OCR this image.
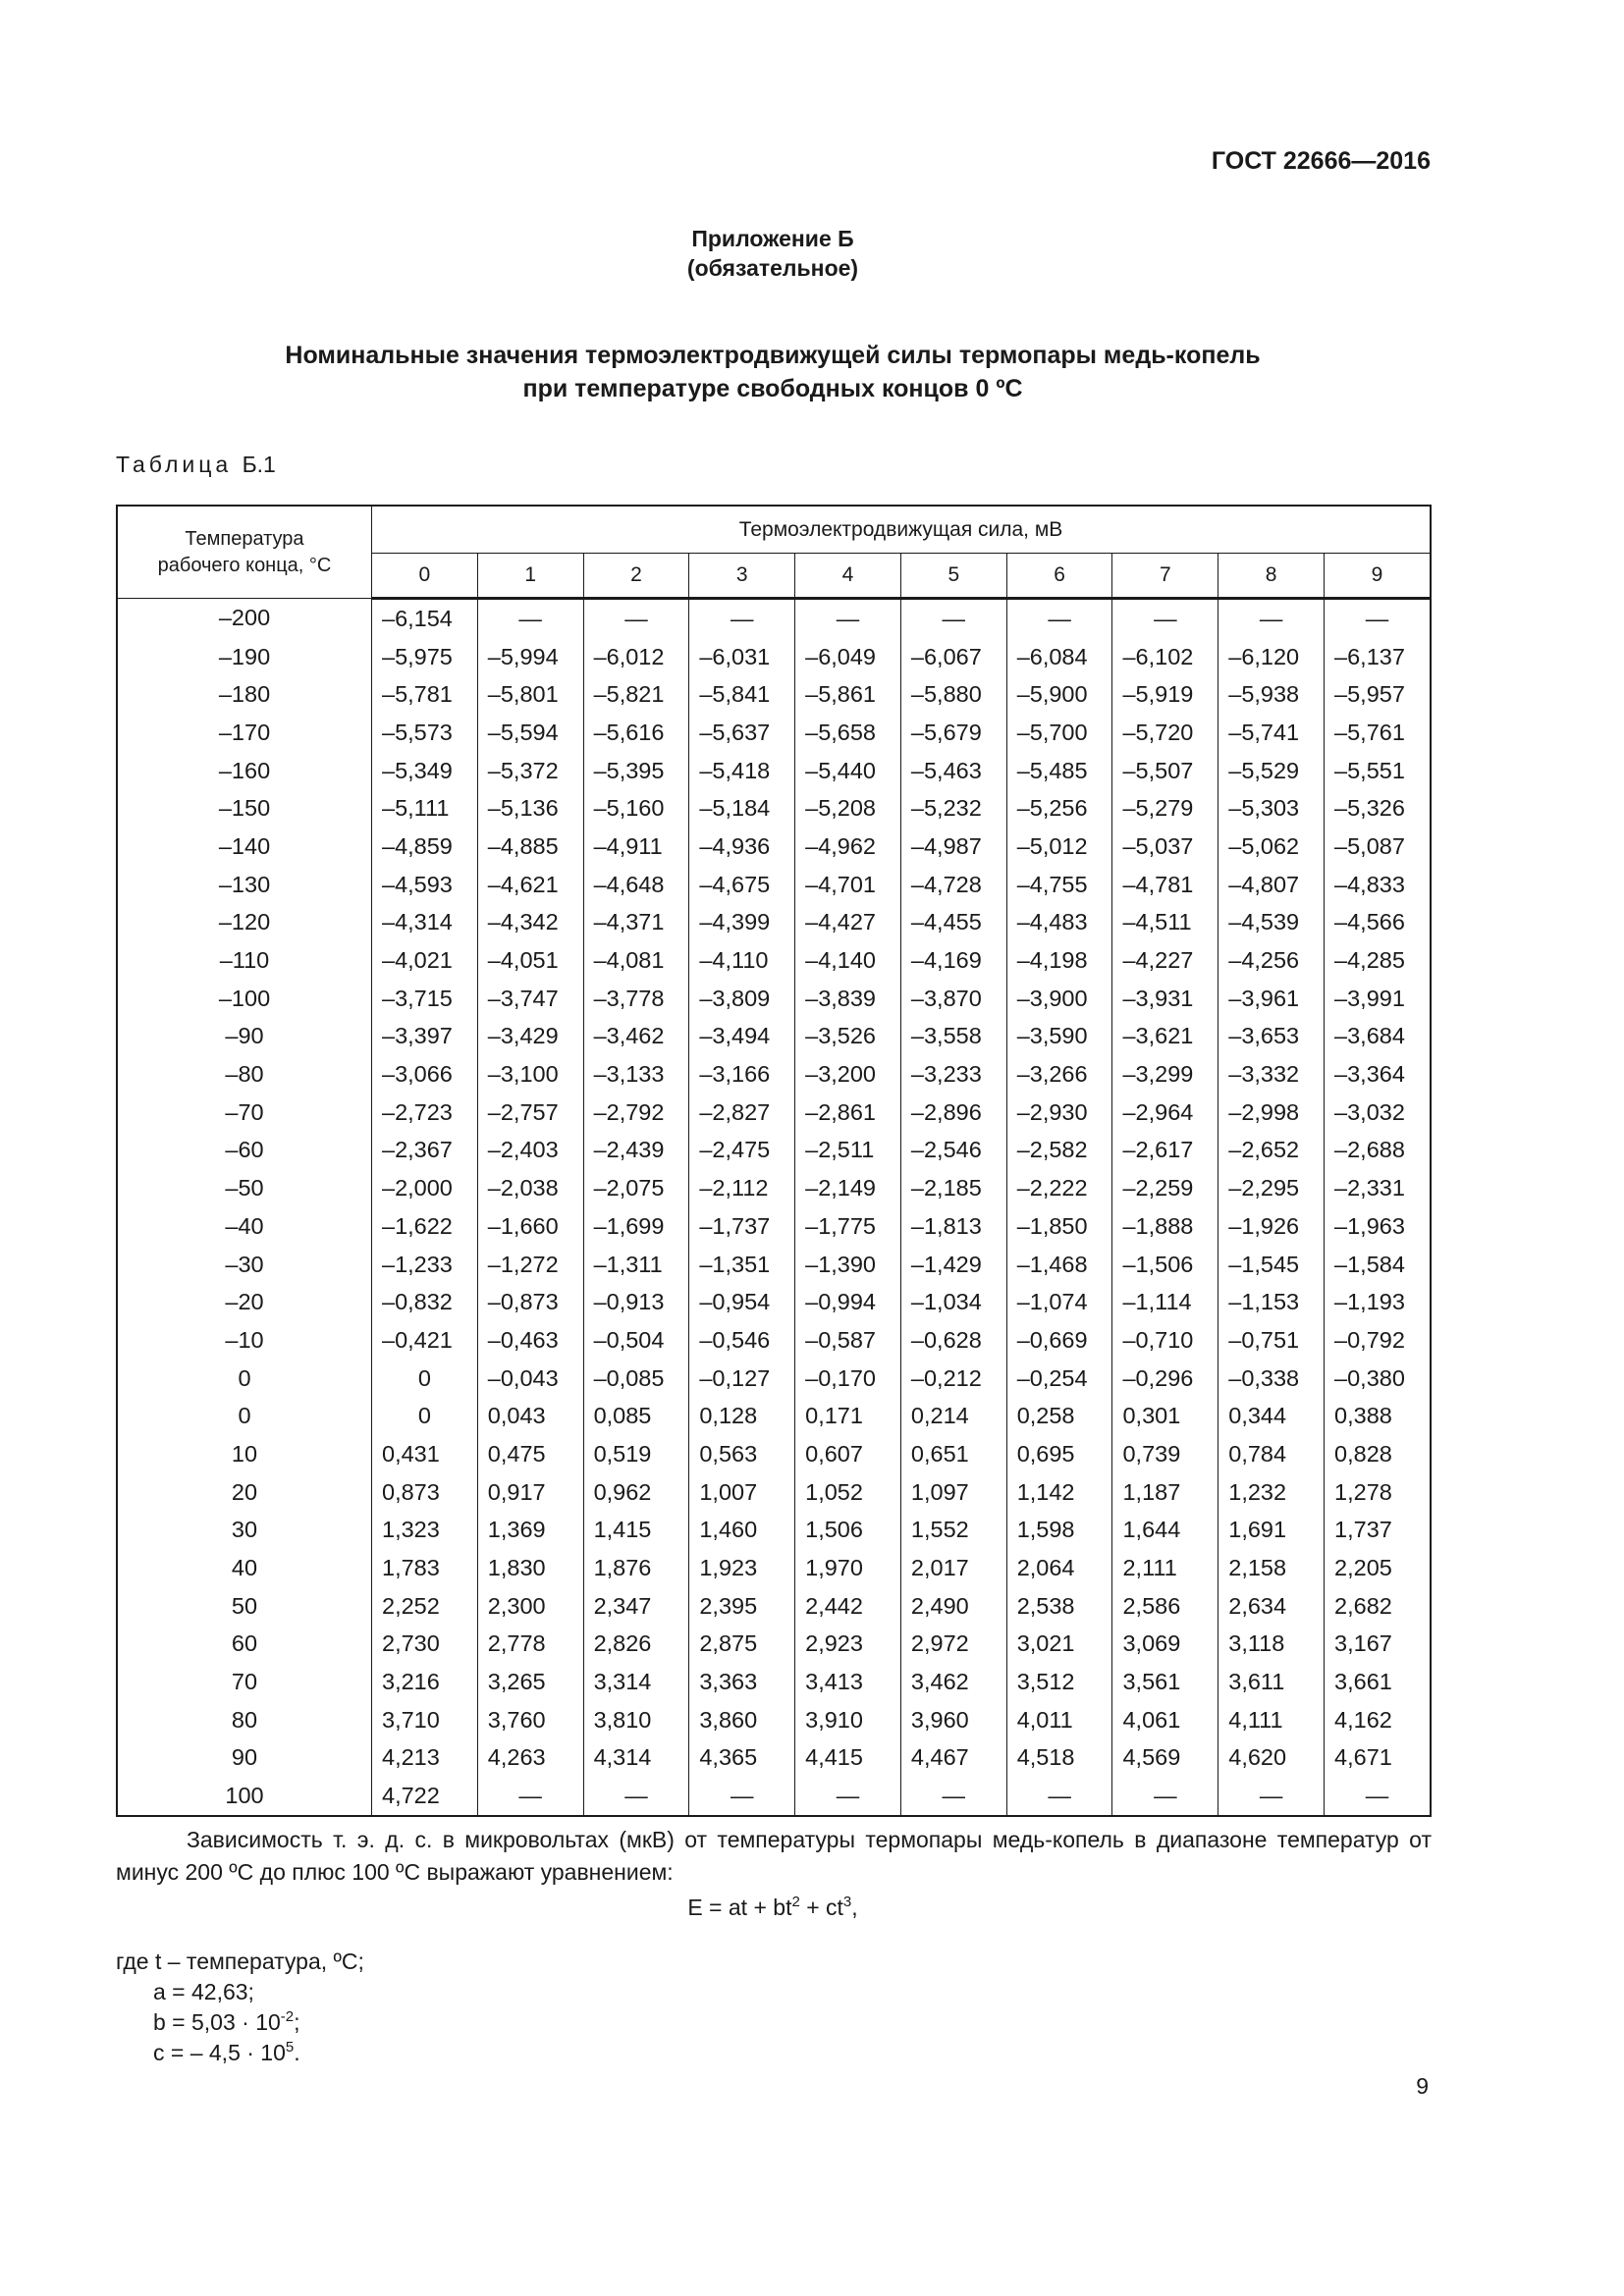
ГОСТ 22666—2016
Приложение Б
(обязательное)
Номинальные значения термоэлектродвижущей силы термопары медь-копель
при температуре свободных концов 0 ºС
Таблица Б.1
Температура
рабочего конца, °С	Термоэлектродвижущая сила, мВ									
	0	1	2	3	4	5	6	7	8	9
–200	–6,154	—	—	—	—	—	—	—	—	—
–190	–5,975	–5,994	–6,012	–6,031	–6,049	–6,067	–6,084	–6,102	–6,120	–6,137
–180	–5,781	–5,801	–5,821	–5,841	–5,861	–5,880	–5,900	–5,919	–5,938	–5,957
–170	–5,573	–5,594	–5,616	–5,637	–5,658	–5,679	–5,700	–5,720	–5,741	–5,761
–160	–5,349	–5,372	–5,395	–5,418	–5,440	–5,463	–5,485	–5,507	–5,529	–5,551
–150	–5,111	–5,136	–5,160	–5,184	–5,208	–5,232	–5,256	–5,279	–5,303	–5,326
–140	–4,859	–4,885	–4,911	–4,936	–4,962	–4,987	–5,012	–5,037	–5,062	–5,087
–130	–4,593	–4,621	–4,648	–4,675	–4,701	–4,728	–4,755	–4,781	–4,807	–4,833
–120	–4,314	–4,342	–4,371	–4,399	–4,427	–4,455	–4,483	–4,511	–4,539	–4,566
–110	–4,021	–4,051	–4,081	–4,110	–4,140	–4,169	–4,198	–4,227	–4,256	–4,285
–100	–3,715	–3,747	–3,778	–3,809	–3,839	–3,870	–3,900	–3,931	–3,961	–3,991
–90	–3,397	–3,429	–3,462	–3,494	–3,526	–3,558	–3,590	–3,621	–3,653	–3,684
–80	–3,066	–3,100	–3,133	–3,166	–3,200	–3,233	–3,266	–3,299	–3,332	–3,364
–70	–2,723	–2,757	–2,792	–2,827	–2,861	–2,896	–2,930	–2,964	–2,998	–3,032
–60	–2,367	–2,403	–2,439	–2,475	–2,511	–2,546	–2,582	–2,617	–2,652	–2,688
–50	–2,000	–2,038	–2,075	–2,112	–2,149	–2,185	–2,222	–2,259	–2,295	–2,331
–40	–1,622	–1,660	–1,699	–1,737	–1,775	–1,813	–1,850	–1,888	–1,926	–1,963
–30	–1,233	–1,272	–1,311	–1,351	–1,390	–1,429	–1,468	–1,506	–1,545	–1,584
–20	–0,832	–0,873	–0,913	–0,954	–0,994	–1,034	–1,074	–1,114	–1,153	–1,193
–10	–0,421	–0,463	–0,504	–0,546	–0,587	–0,628	–0,669	–0,710	–0,751	–0,792
0	0	–0,043	–0,085	–0,127	–0,170	–0,212	–0,254	–0,296	–0,338	–0,380
0	0	0,043	0,085	0,128	0,171	0,214	0,258	0,301	0,344	0,388
10	0,431	0,475	0,519	0,563	0,607	0,651	0,695	0,739	0,784	0,828
20	0,873	0,917	0,962	1,007	1,052	1,097	1,142	1,187	1,232	1,278
30	1,323	1,369	1,415	1,460	1,506	1,552	1,598	1,644	1,691	1,737
40	1,783	1,830	1,876	1,923	1,970	2,017	2,064	2,111	2,158	2,205
50	2,252	2,300	2,347	2,395	2,442	2,490	2,538	2,586	2,634	2,682
60	2,730	2,778	2,826	2,875	2,923	2,972	3,021	3,069	3,118	3,167
70	3,216	3,265	3,314	3,363	3,413	3,462	3,512	3,561	3,611	3,661
80	3,710	3,760	3,810	3,860	3,910	3,960	4,011	4,061	4,111	4,162
90	4,213	4,263	4,314	4,365	4,415	4,467	4,518	4,569	4,620	4,671
100	4,722	—	—	—	—	—	—	—	—	—
Зависимость т. э. д. с. в микровольтах (мкВ) от температуры термопары медь-копель в диапазоне температур от минус 200 ºС до плюс 100 ºС выражают уравнением:
E = at + $bt^2 + ct^3$,
где t – температура, ºС;
a = 42,63;
$b = 5,03 \cdot 10^{-2}$;
c = – $4,5 \cdot 10^5$.
9
